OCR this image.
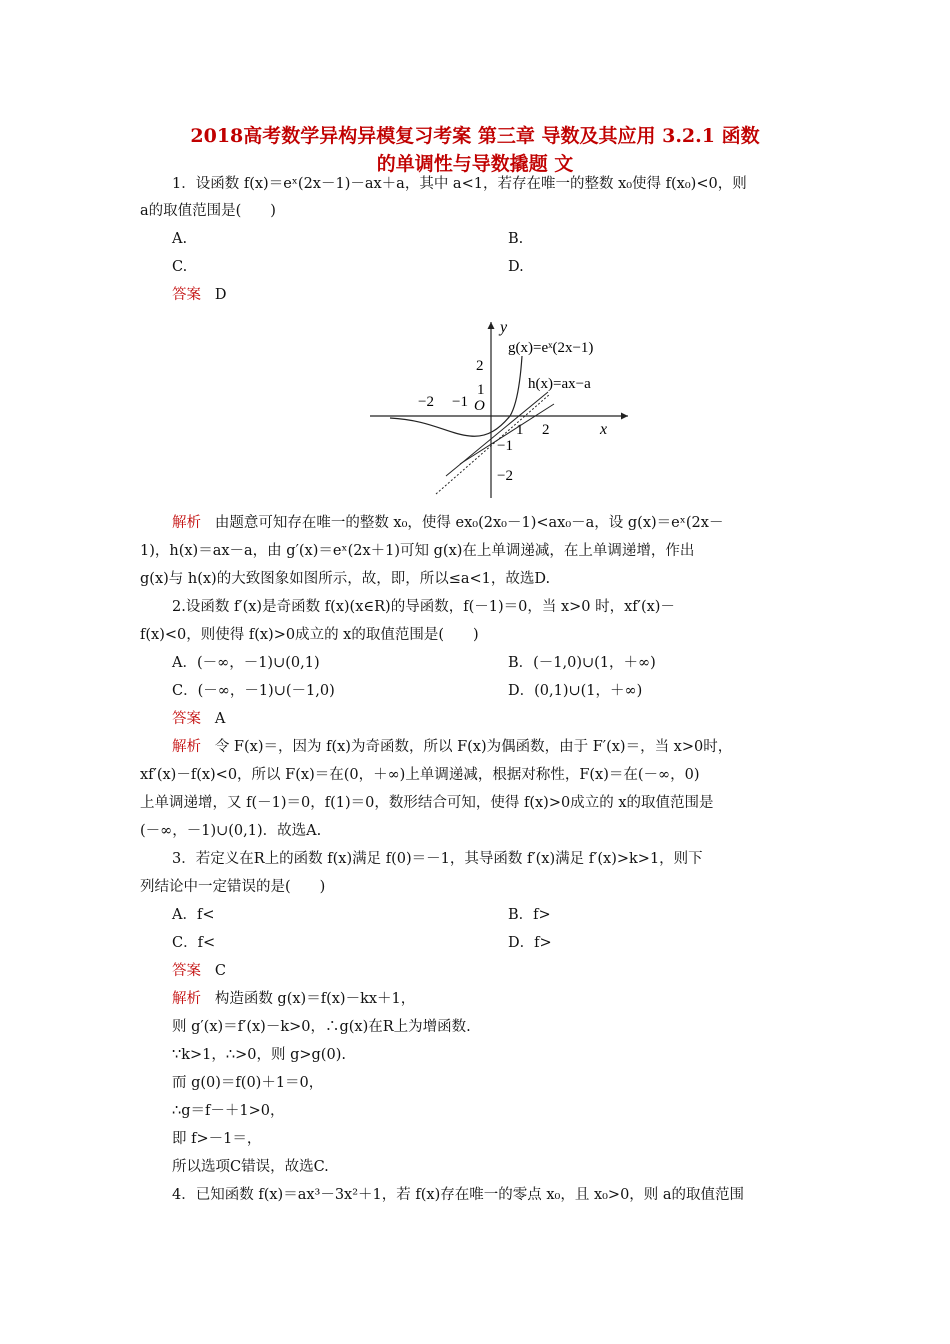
2018高考数学异构异模复习考案 第三章 导数及其应用 3.2.1 函数
的单调性与导数撬题 文
1．设函数 f(x)＝eˣ(2x－1)－ax＋a，其中 a<1，若存在唯一的整数 x₀使得 f(x₀)<0，则
a的取值范围是(　　)
A.	B.
C.	D.
答案 D
y
x
O
−2 −1
1 2
2
1
−1
−2
g(x)=eˣ(2x−1)
h(x)=ax−a
解析 由题意可知存在唯一的整数 x₀，使得 ex₀(2x₀－1)<ax₀－a，设 g(x)＝eˣ(2x－
1)，h(x)＝ax－a，由 g′(x)＝eˣ(2x＋1)可知 g(x)在上单调递减，在上单调递增，作出
g(x)与 h(x)的大致图象如图所示，故，即，所以≤a<1，故选D.
2.设函数 f′(x)是奇函数 f(x)(x∈R)的导函数，f(－1)＝0，当 x>0 时，xf′(x)－
f(x)<0，则使得 f(x)>0成立的 x的取值范围是(　　)
A．(－∞，－1)∪(0,1)	B．(－1,0)∪(1，＋∞)
C．(－∞，－1)∪(－1,0)	D．(0,1)∪(1，＋∞)
答案 A
解析 令 F(x)＝，因为 f(x)为奇函数，所以 F(x)为偶函数，由于 F′(x)＝，当 x>0时，
xf′(x)－f(x)<0，所以 F(x)＝在(0，＋∞)上单调递减，根据对称性，F(x)＝在(－∞，0)
上单调递增，又 f(－1)＝0，f(1)＝0，数形结合可知，使得 f(x)>0成立的 x的取值范围是
(－∞，－1)∪(0,1)．故选A.
3．若定义在R上的函数 f(x)满足 f(0)＝－1，其导函数 f′(x)满足 f′(x)>k>1，则下
列结论中一定错误的是(　　)
A．f<	B．f>
C．f<	D．f>
答案 C
解析 构造函数 g(x)＝f(x)－kx＋1，
则 g′(x)＝f′(x)－k>0，∴g(x)在R上为增函数.
∵k>1，∴>0，则 g>g(0).
而 g(0)＝f(0)＋1＝0，
∴g＝f－＋1>0，
即 f>－1＝，
所以选项C错误，故选C.
4．已知函数 f(x)＝ax³－3x²＋1，若 f(x)存在唯一的零点 x₀，且 x₀>0，则 a的取值范围
